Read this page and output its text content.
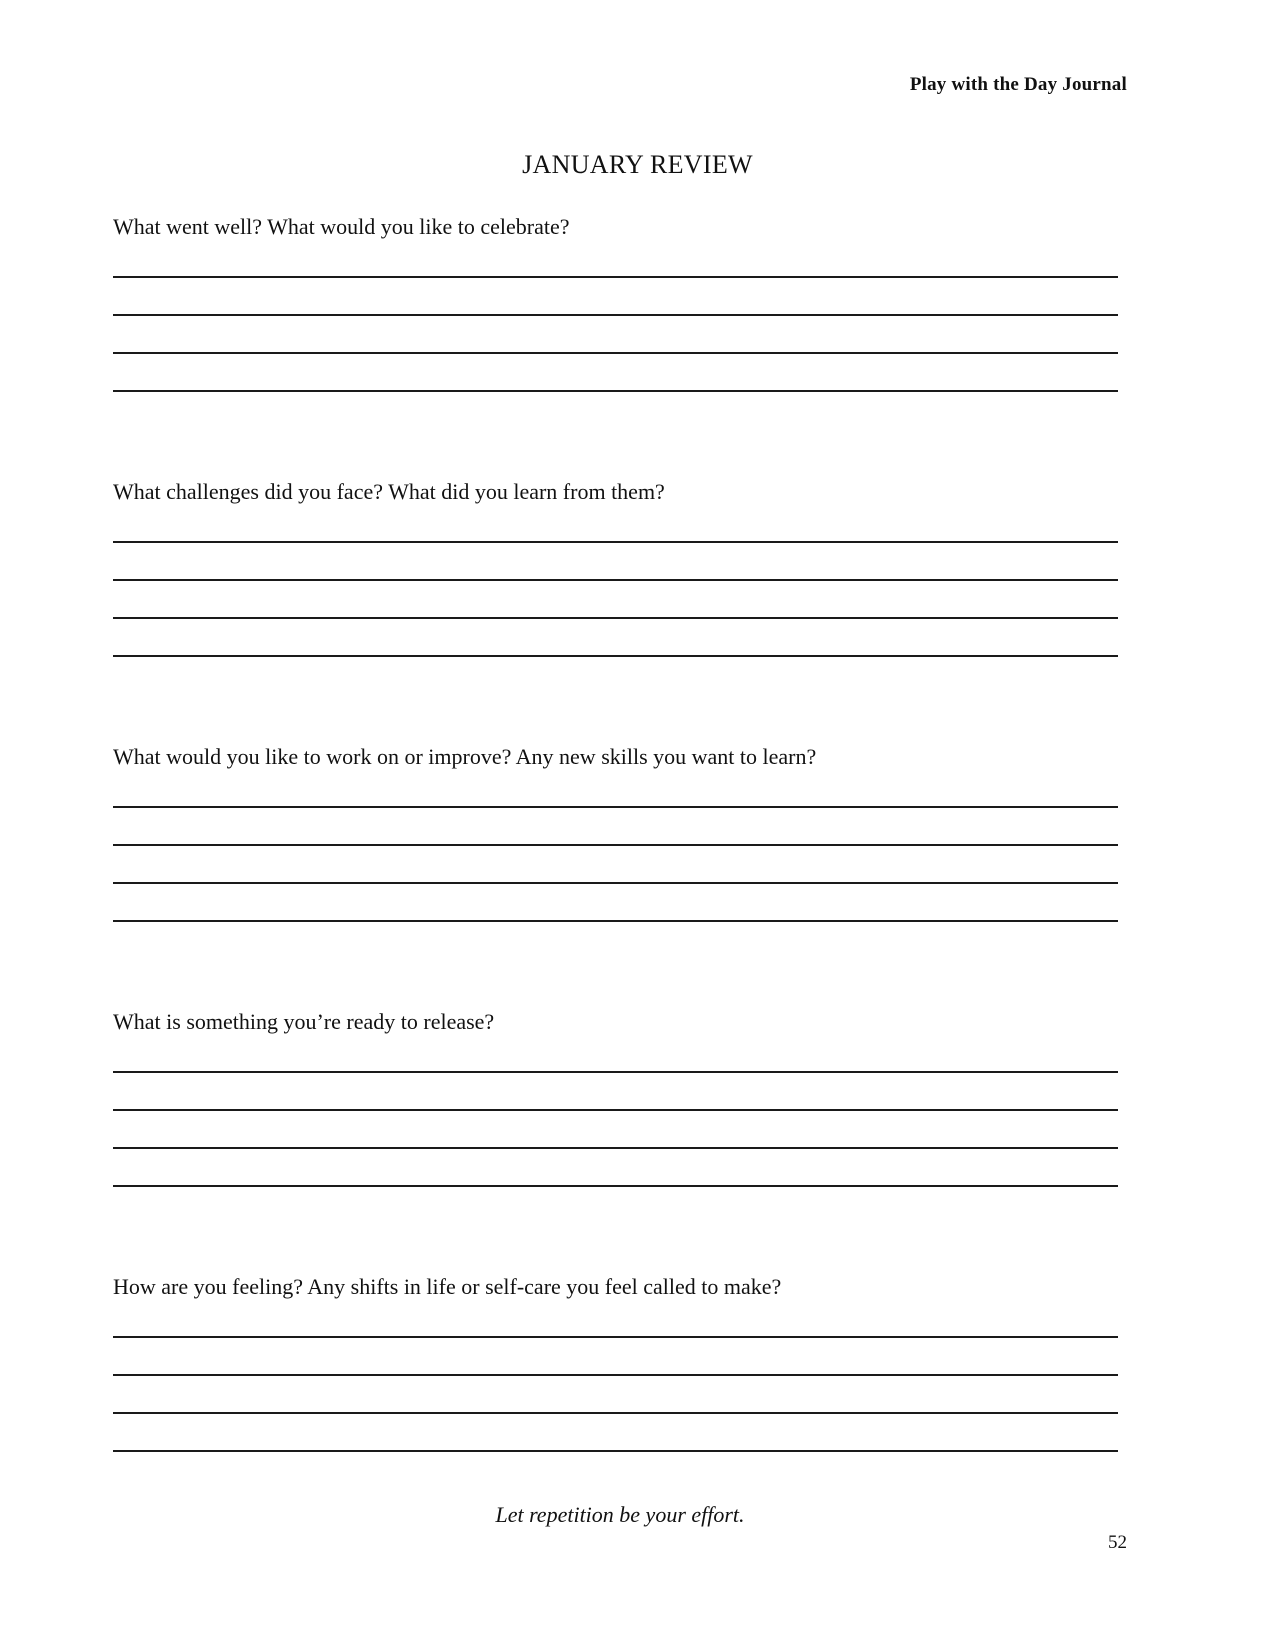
Play with the Day Journal

JANUARY REVIEW

What went well? What would you like to celebrate?

What challenges did you face? What did you learn from them?

What would you like to work on or improve? Any new skills you want to learn?

What is something you’re ready to release?

How are you feeling? Any shifts in life or self-care you feel called to make?

Let repetition be your effort.

52
